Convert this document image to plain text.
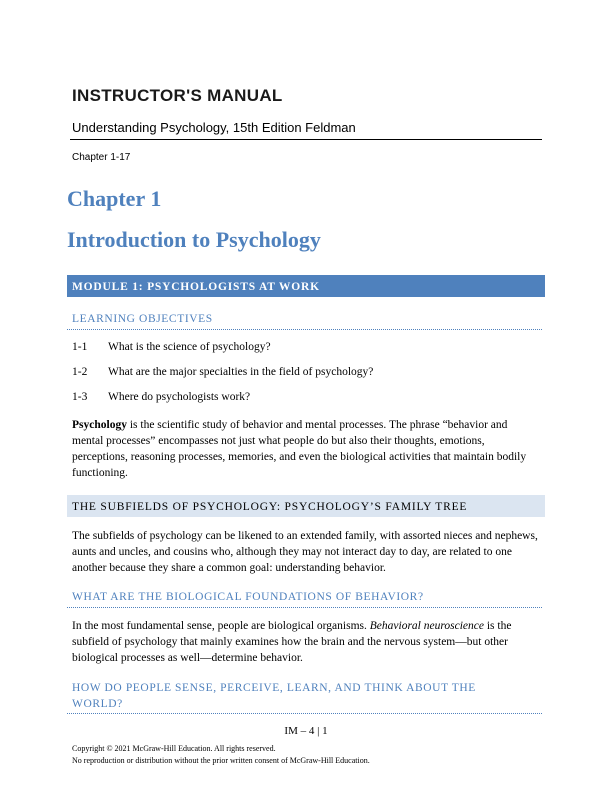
INSTRUCTOR'S MANUAL
Understanding Psychology, 15th Edition Feldman
Chapter 1-17
Chapter 1
Introduction to Psychology
MODULE 1: PSYCHOLOGISTS AT WORK
LEARNING OBJECTIVES
1-1 What is the science of psychology?
1-2 What are the major specialties in the field of psychology?
1-3 Where do psychologists work?
Psychology is the scientific study of behavior and mental processes. The phrase “behavior and mental processes” encompasses not just what people do but also their thoughts, emotions, perceptions, reasoning processes, memories, and even the biological activities that maintain bodily functioning.
THE SUBFIELDS OF PSYCHOLOGY: PSYCHOLOGY’S FAMILY TREE
The subfields of psychology can be likened to an extended family, with assorted nieces and nephews, aunts and uncles, and cousins who, although they may not interact day to day, are related to one another because they share a common goal: understanding behavior.
WHAT ARE THE BIOLOGICAL FOUNDATIONS OF BEHAVIOR?
In the most fundamental sense, people are biological organisms. Behavioral neuroscience is the subfield of psychology that mainly examines how the brain and the nervous system—but other biological processes as well—determine behavior.
HOW DO PEOPLE SENSE, PERCEIVE, LEARN, AND THINK ABOUT THE WORLD?
IM – 4 | 1
Copyright © 2021 McGraw-Hill Education. All rights reserved.
No reproduction or distribution without the prior written consent of McGraw-Hill Education.
